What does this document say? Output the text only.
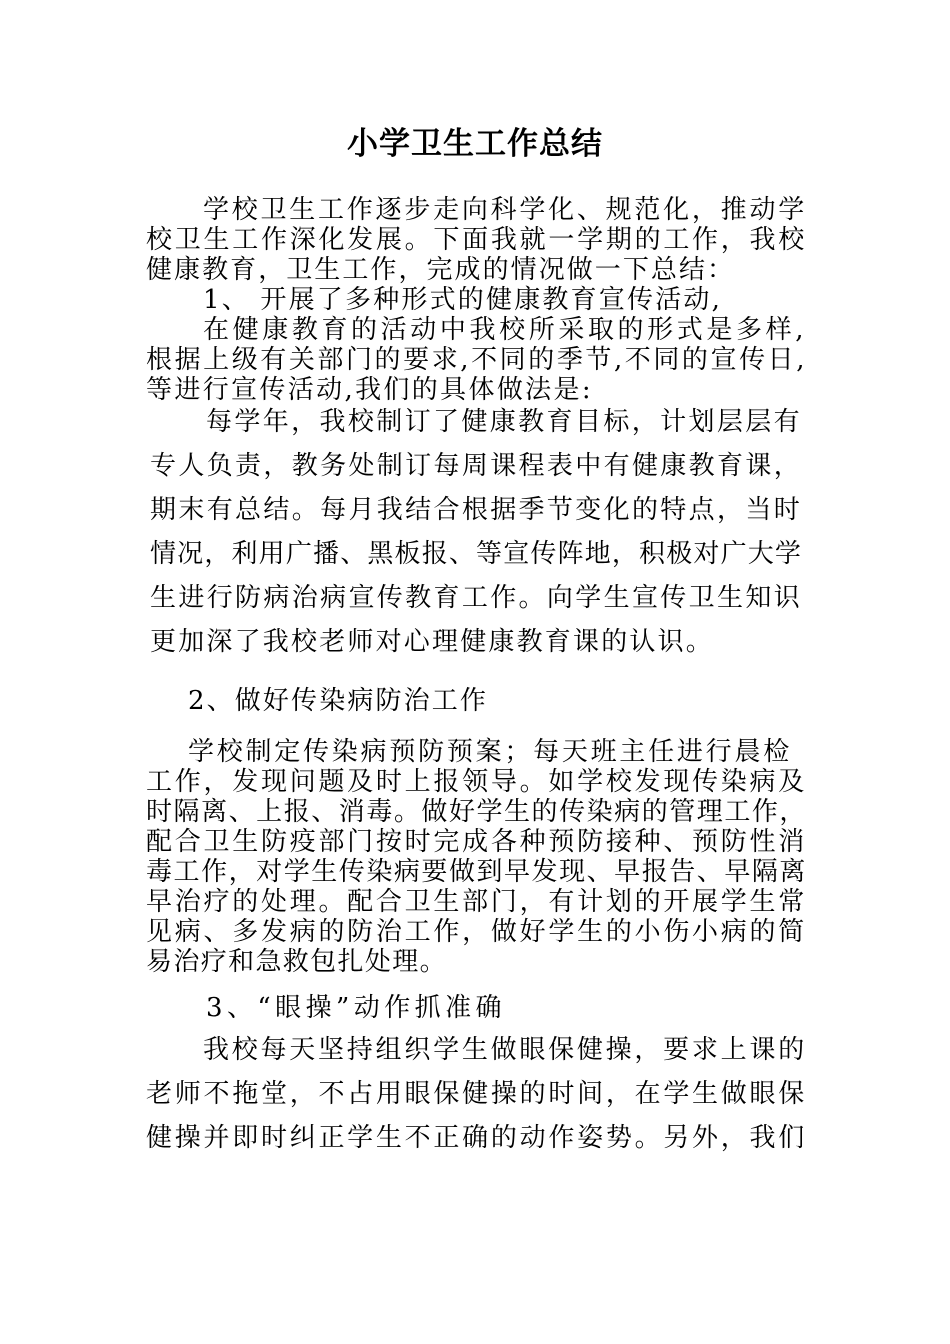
小学卫生工作总结
学校卫生工作逐步走向科学化、规范化，推动学
校卫生工作深化发展。下面我就一学期的工作，我校
健康教育，卫生工作，完成的情况做一下总结：
1、 开展了多种形式的健康教育宣传活动,
在健康教育的活动中我校所采取的形式是多样,
根据上级有关部门的要求,不同的季节,不同的宣传日,
等进行宣传活动,我们的具体做法是:
每学年，我校制订了健康教育目标，计划层层有
专人负责，教务处制订每周课程表中有健康教育课，
期末有总结。每月我结合根据季节变化的特点，当时
情况，利用广播、黑板报、等宣传阵地，积极对广大学
生进行防病治病宣传教育工作。向学生宣传卫生知识
更加深了我校老师对心理健康教育课的认识。
2、做好传染病防治工作
学校制定传染病预防预案；每天班主任进行晨检
工作，发现问题及时上报领导。如学校发现传染病及
时隔离、上报、消毒。做好学生的传染病的管理工作，
配合卫生防疫部门按时完成各种预防接种、预防性消
毒工作，对学生传染病要做到早发现、早报告、早隔离
早治疗的处理。配合卫生部门，有计划的开展学生常
见病、多发病的防治工作，做好学生的小伤小病的简
易治疗和急救包扎处理。
3、“眼操”动作抓准确
我校每天坚持组织学生做眼保健操，要求上课的
老师不拖堂，不占用眼保健操的时间，在学生做眼保
健操并即时纠正学生不正确的动作姿势。另外，我们
